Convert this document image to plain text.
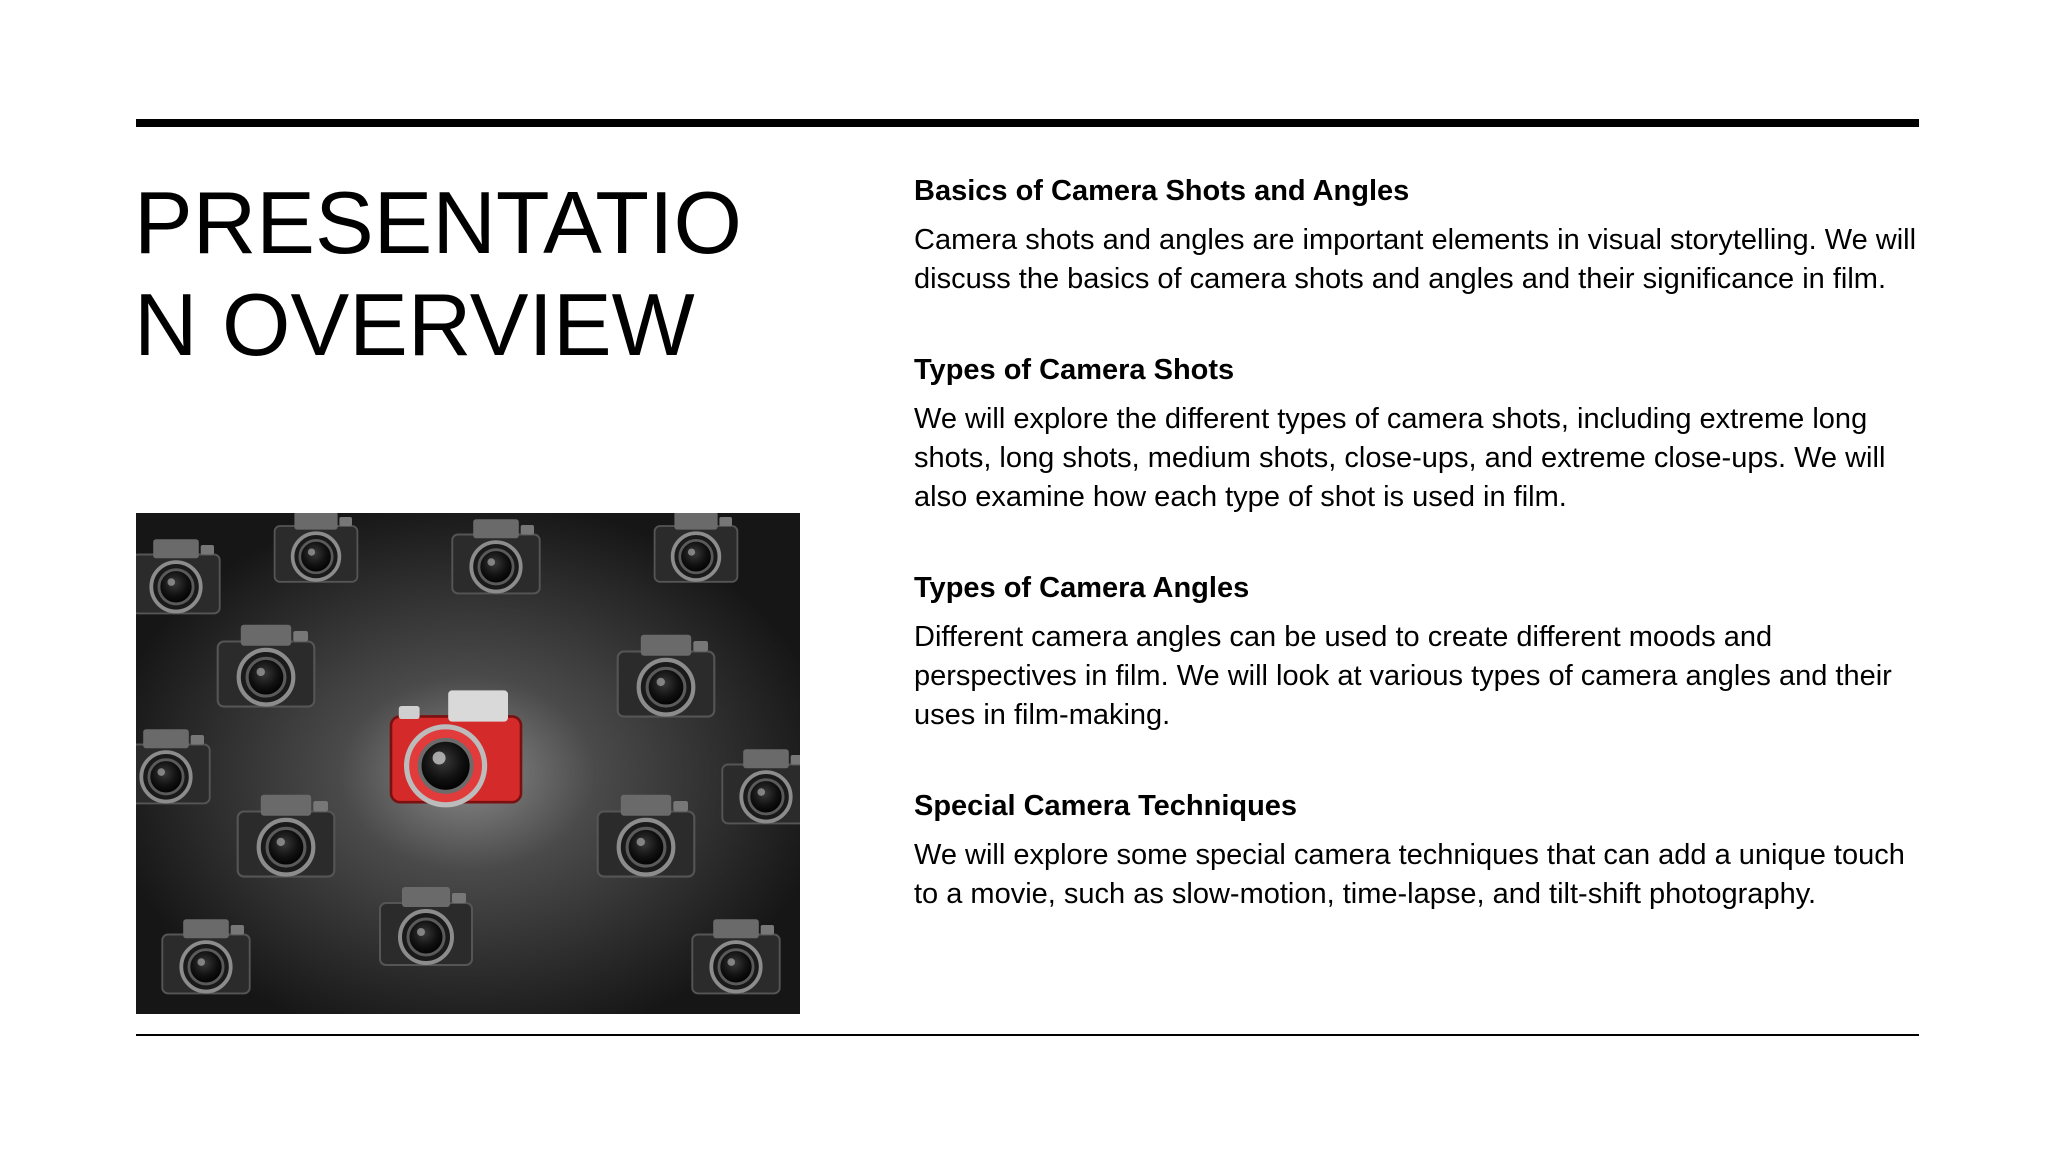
PRESENTATION OVERVIEW
Basics of Camera Shots and Angles

Camera shots and angles are important elements in visual storytelling. We will discuss the basics of camera shots and angles and their significance in film.

Types of Camera Shots

We will explore the different types of camera shots, including extreme long shots, long shots, medium shots, close-ups, and extreme close-ups. We will also examine how each type of shot is used in film.

Types of Camera Angles

Different camera angles can be used to create different moods and perspectives in film. We will look at various types of camera angles and their uses in film-making.

Special Camera Techniques

We will explore some special camera techniques that can add a unique touch to a movie, such as slow-motion, time-lapse, and tilt-shift photography.
